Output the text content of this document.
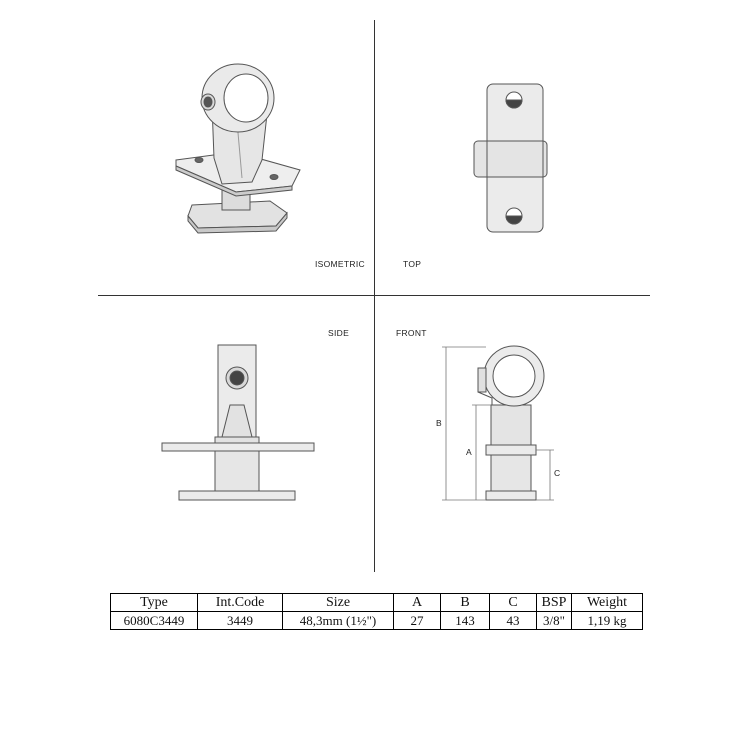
ISOMETRIC	TOP
SIDE	FRONT
B
A
C
Type	Int.Code	Size	A	B	C	BSP	Weight
6080C3449	3449	48,3mm (1½")	27	143	43	3/8"	1,19 kg
